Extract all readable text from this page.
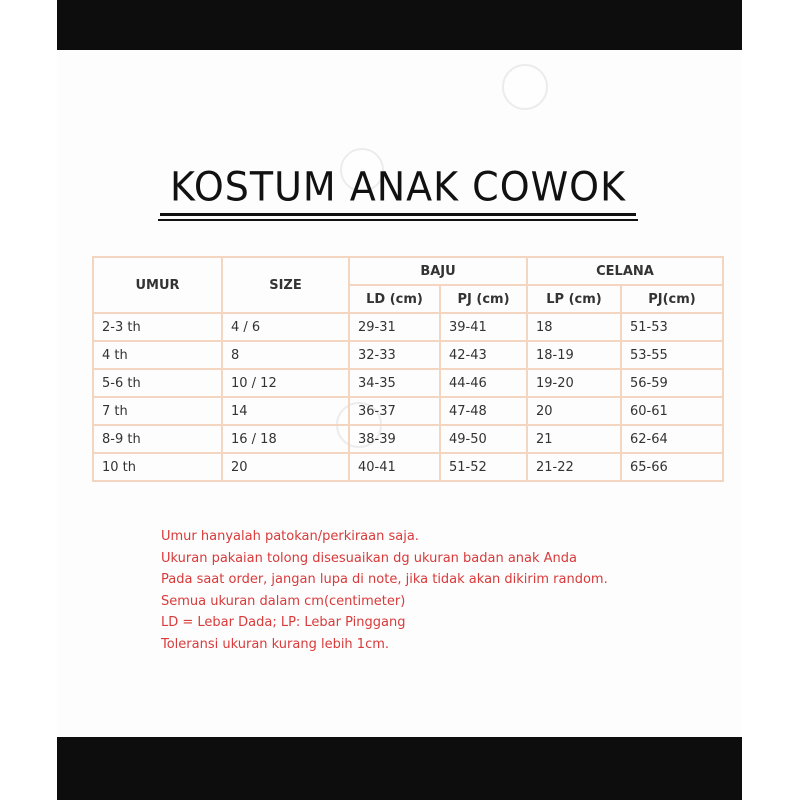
KOSTUM ANAK COWOK
UMUR	SIZE	BAJU		CELANA	
		LD (cm)	PJ (cm)	LP (cm)	PJ(cm)
2-3 th	4 / 6	29-31	39-41	18	51-53
4 th	8	32-33	42-43	18-19	53-55
5-6 th	10 / 12	34-35	44-46	19-20	56-59
7 th	14	36-37	47-48	20	60-61
8-9 th	16 / 18	38-39	49-50	21	62-64
10 th	20	40-41	51-52	21-22	65-66
Umur hanyalah patokan/perkiraan saja.
Ukuran pakaian tolong disesuaikan dg ukuran badan anak Anda
Pada saat order, jangan lupa di note, jika tidak akan dikirim random.
Semua ukuran dalam cm(centimeter)
LD = Lebar Dada; LP: Lebar Pinggang
Toleransi ukuran kurang lebih 1cm.
